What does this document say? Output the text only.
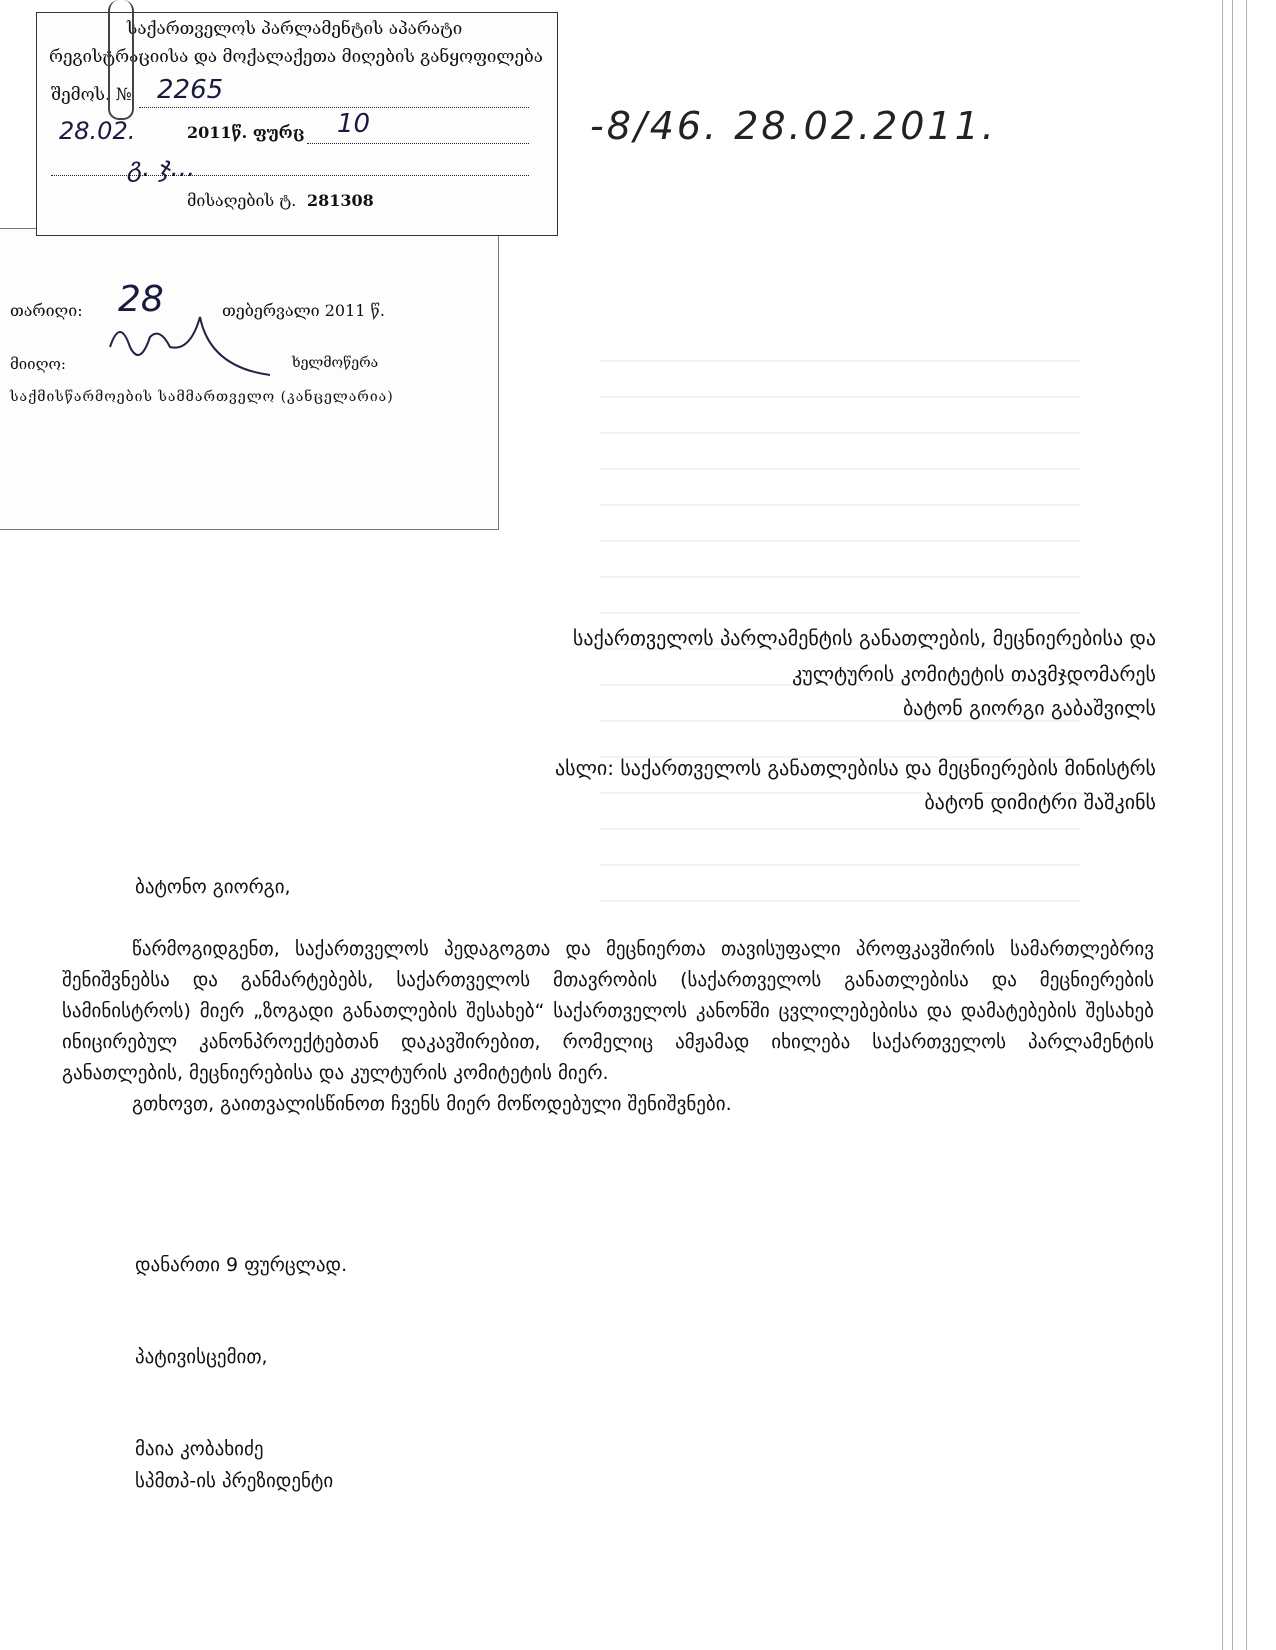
თარიღი: 28	თებერვალი 2011 წ.
მიიღო:	ხელმოწერა
საქმისწარმოების სამმართველო (კანცელარია)
საქართველოს პარლამენტის აპარატი
რეგისტრაციისა და მოქალაქეთა მიღების განყოფილება
შემოს. № 2265
28.02.	2011წ. ფურც 10
გ. ჯ...
მისაღების ტ. 281308
-8/46. 28.02.2011.
საქართველოს პარლამენტის განათლების, მეცნიერებისა და
კულტურის კომიტეტის თავმჯდომარეს
ბატონ გიორგი გაბაშვილს
ასლი: საქართველოს განათლებისა და მეცნიერების მინისტრს
ბატონ დიმიტრი შაშკინს
ბატონო გიორგი,
წარმოგიდგენთ, საქართველოს პედაგოგთა და მეცნიერთა თავისუფალი პროფკავშირის სამართლებრივ შენიშვნებსა და განმარტებებს, საქართველოს მთავრობის (საქართველოს განათლებისა და მეცნიერების სამინისტროს) მიერ „ზოგადი განათლების შესახებ“ საქართველოს კანონში ცვლილებებისა და დამატებების შესახებ ინიცირებულ კანონპროექტებთან დაკავშირებით, რომელიც ამჟამად იხილება საქართველოს პარლამენტის განათლების, მეცნიერებისა და კულტურის კომიტეტის მიერ.
გთხოვთ, გაითვალისწინოთ ჩვენს მიერ მოწოდებული შენიშვნები.
დანართი 9 ფურცლად.
პატივისცემით,
მაია კობახიძე
სპმთპ-ის პრეზიდენტი
